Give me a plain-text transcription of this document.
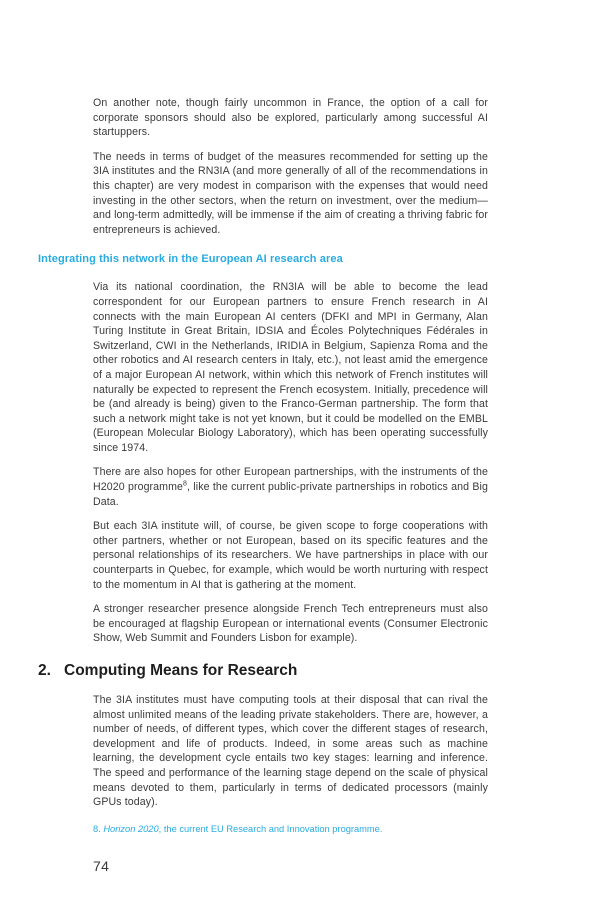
On another note, though fairly uncommon in France, the option of a call for corporate sponsors should also be explored, particularly among successful AI startuppers.

The needs in terms of budget of the measures recommended for setting up the 3IA institutes and the RN3IA (and more generally of all of the recommendations in this chapter) are very modest in comparison with the expenses that would need investing in the other sectors, when the return on investment, over the medium—and long-term admittedly, will be immense if the aim of creating a thriving fabric for entrepreneurs is achieved.

Integrating this network in the European AI research area

Via its national coordination, the RN3IA will be able to become the lead correspondent for our European partners to ensure French research in AI connects with the main European AI centers (DFKI and MPI in Germany, Alan Turing Institute in Great Britain, IDSIA and Écoles Polytechniques Fédérales in Switzerland, CWI in the Netherlands, IRIDIA in Belgium, Sapienza Roma and the other robotics and AI research centers in Italy, etc.), not least amid the emergence of a major European AI network, within which this network of French institutes will naturally be expected to represent the French ecosystem. Initially, precedence will be (and already is being) given to the Franco-German partnership. The form that such a network might take is not yet known, but it could be modelled on the EMBL (European Molecular Biology Laboratory), which has been operating successfully since 1974.

There are also hopes for other European partnerships, with the instruments of the H2020 programme$^8$, like the current public-private partnerships in robotics and Big Data.

But each 3IA institute will, of course, be given scope to forge cooperations with other partners, whether or not European, based on its specific features and the personal relationships of its researchers. We have partnerships in place with our counterparts in Quebec, for example, which would be worth nurturing with respect to the momentum in AI that is gathering at the moment.

A stronger researcher presence alongside French Tech entrepreneurs must also be encouraged at flagship European or international events (Consumer Electronic Show, Web Summit and Founders Lisbon for example).

2. Computing Means for Research

The 3IA institutes must have computing tools at their disposal that can rival the almost unlimited means of the leading private stakeholders. There are, however, a number of needs, of different types, which cover the different stages of research, development and life of products. Indeed, in some areas such as machine learning, the development cycle entails two key stages: learning and inference. The speed and performance of the learning stage depend on the scale of physical means devoted to them, particularly in terms of dedicated processors (mainly GPUs today).

8. Horizon 2020, the current EU Research and Innovation programme.

74
